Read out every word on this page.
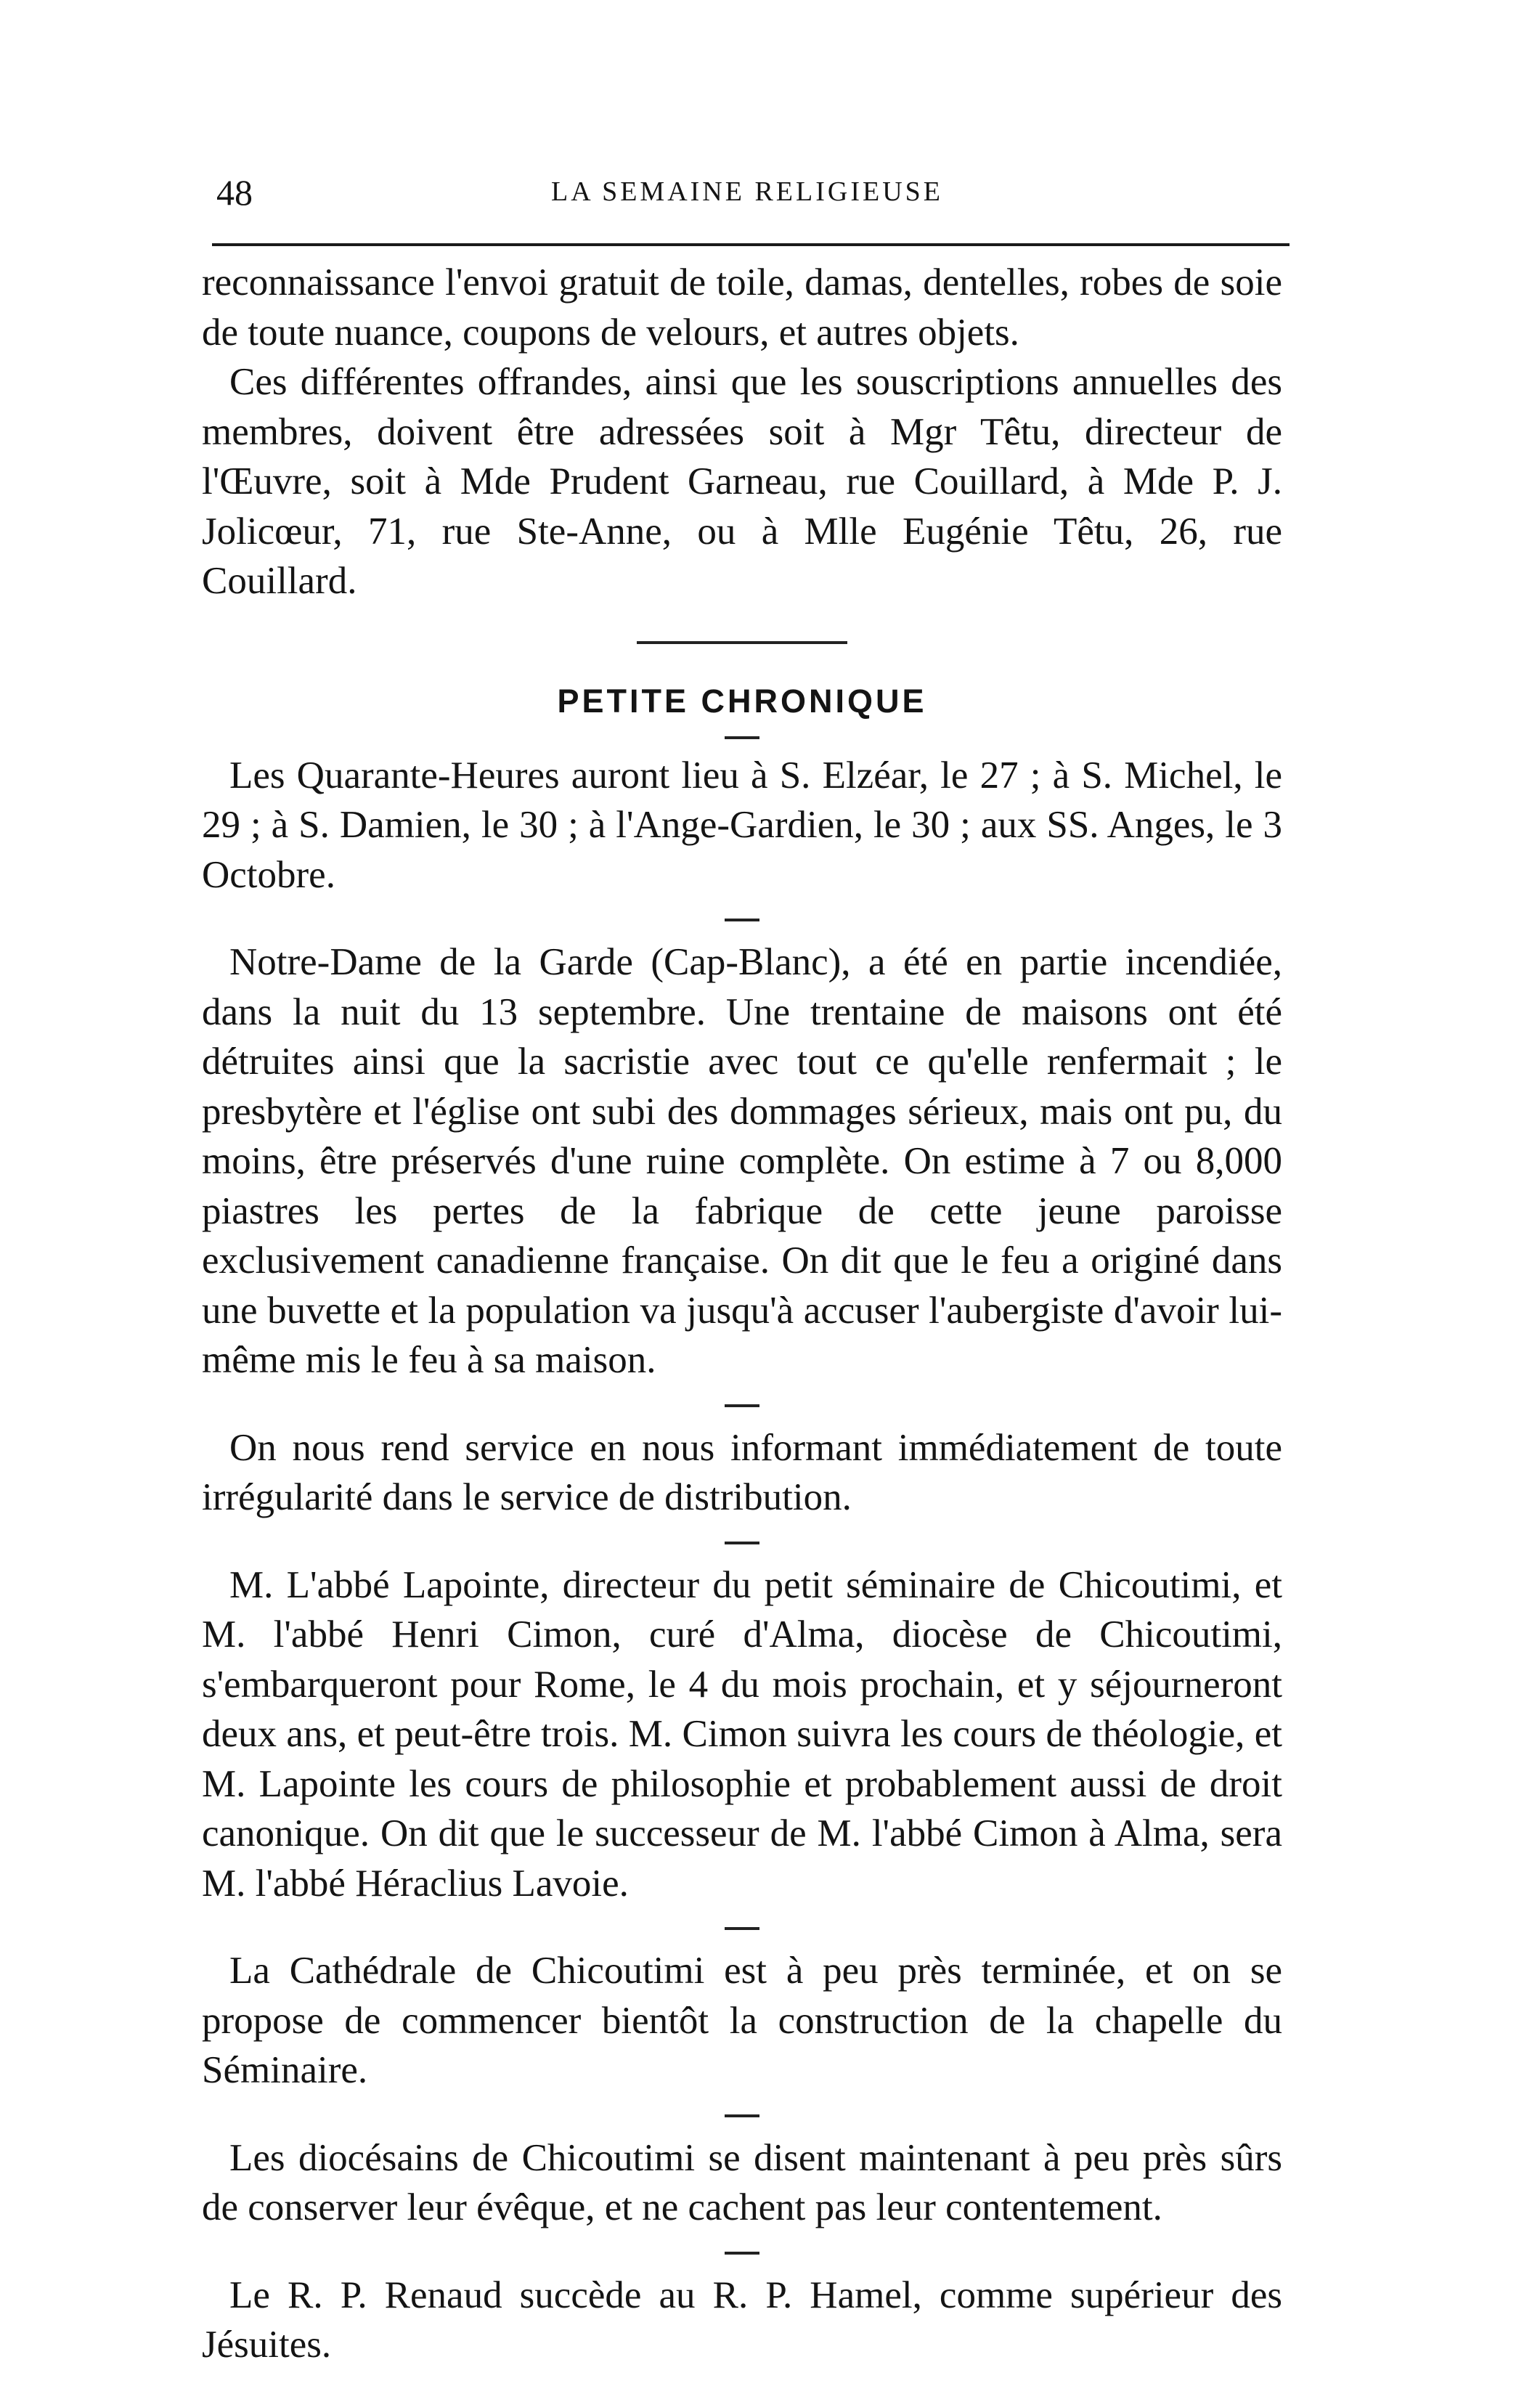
48	LA SEMAINE RELIGIEUSE

reconnaissance l'envoi gratuit de toile, damas, dentelles, robes de soie de toute nuance, coupons de velours, et autres objets.

Ces différentes offrandes, ainsi que les souscriptions annuelles des membres, doivent être adressées soit à Mgr Têtu, directeur de l'Œuvre, soit à Mde Prudent Garneau, rue Couillard, à Mde P. J. Jolicœur, 71, rue Ste-Anne, ou à Mlle Eugénie Têtu, 26, rue Couillard.

PETITE CHRONIQUE

Les Quarante-Heures auront lieu à S. Elzéar, le 27 ; à S. Michel, le 29 ; à S. Damien, le 30 ; à l'Ange-Gardien, le 30 ; aux SS. Anges, le 3 Octobre.

Notre-Dame de la Garde (Cap-Blanc), a été en partie incendiée, dans la nuit du 13 septembre. Une trentaine de maisons ont été détruites ainsi que la sacristie avec tout ce qu'elle renfermait ; le presbytère et l'église ont subi des dommages sérieux, mais ont pu, du moins, être préservés d'une ruine complète. On estime à 7 ou 8,000 piastres les pertes de la fabrique de cette jeune paroisse exclusivement canadienne française. On dit que le feu a originé dans une buvette et la population va jusqu'à accuser l'aubergiste d'avoir lui-même mis le feu à sa maison.

On nous rend service en nous informant immédiatement de toute irrégularité dans le service de distribution.

M. L'abbé Lapointe, directeur du petit séminaire de Chicoutimi, et M. l'abbé Henri Cimon, curé d'Alma, diocèse de Chicoutimi, s'embarqueront pour Rome, le 4 du mois prochain, et y séjourneront deux ans, et peut-être trois. M. Cimon suivra les cours de théologie, et M. Lapointe les cours de philosophie et probablement aussi de droit canonique. On dit que le successeur de M. l'abbé Cimon à Alma, sera M. l'abbé Héraclius Lavoie.

La Cathédrale de Chicoutimi est à peu près terminée, et on se propose de commencer bientôt la construction de la chapelle du Séminaire.

Les diocésains de Chicoutimi se disent maintenant à peu près sûrs de conserver leur évêque, et ne cachent pas leur contentement.

Le R. P. Renaud succède au R. P. Hamel, comme supérieur des Jésuites.
